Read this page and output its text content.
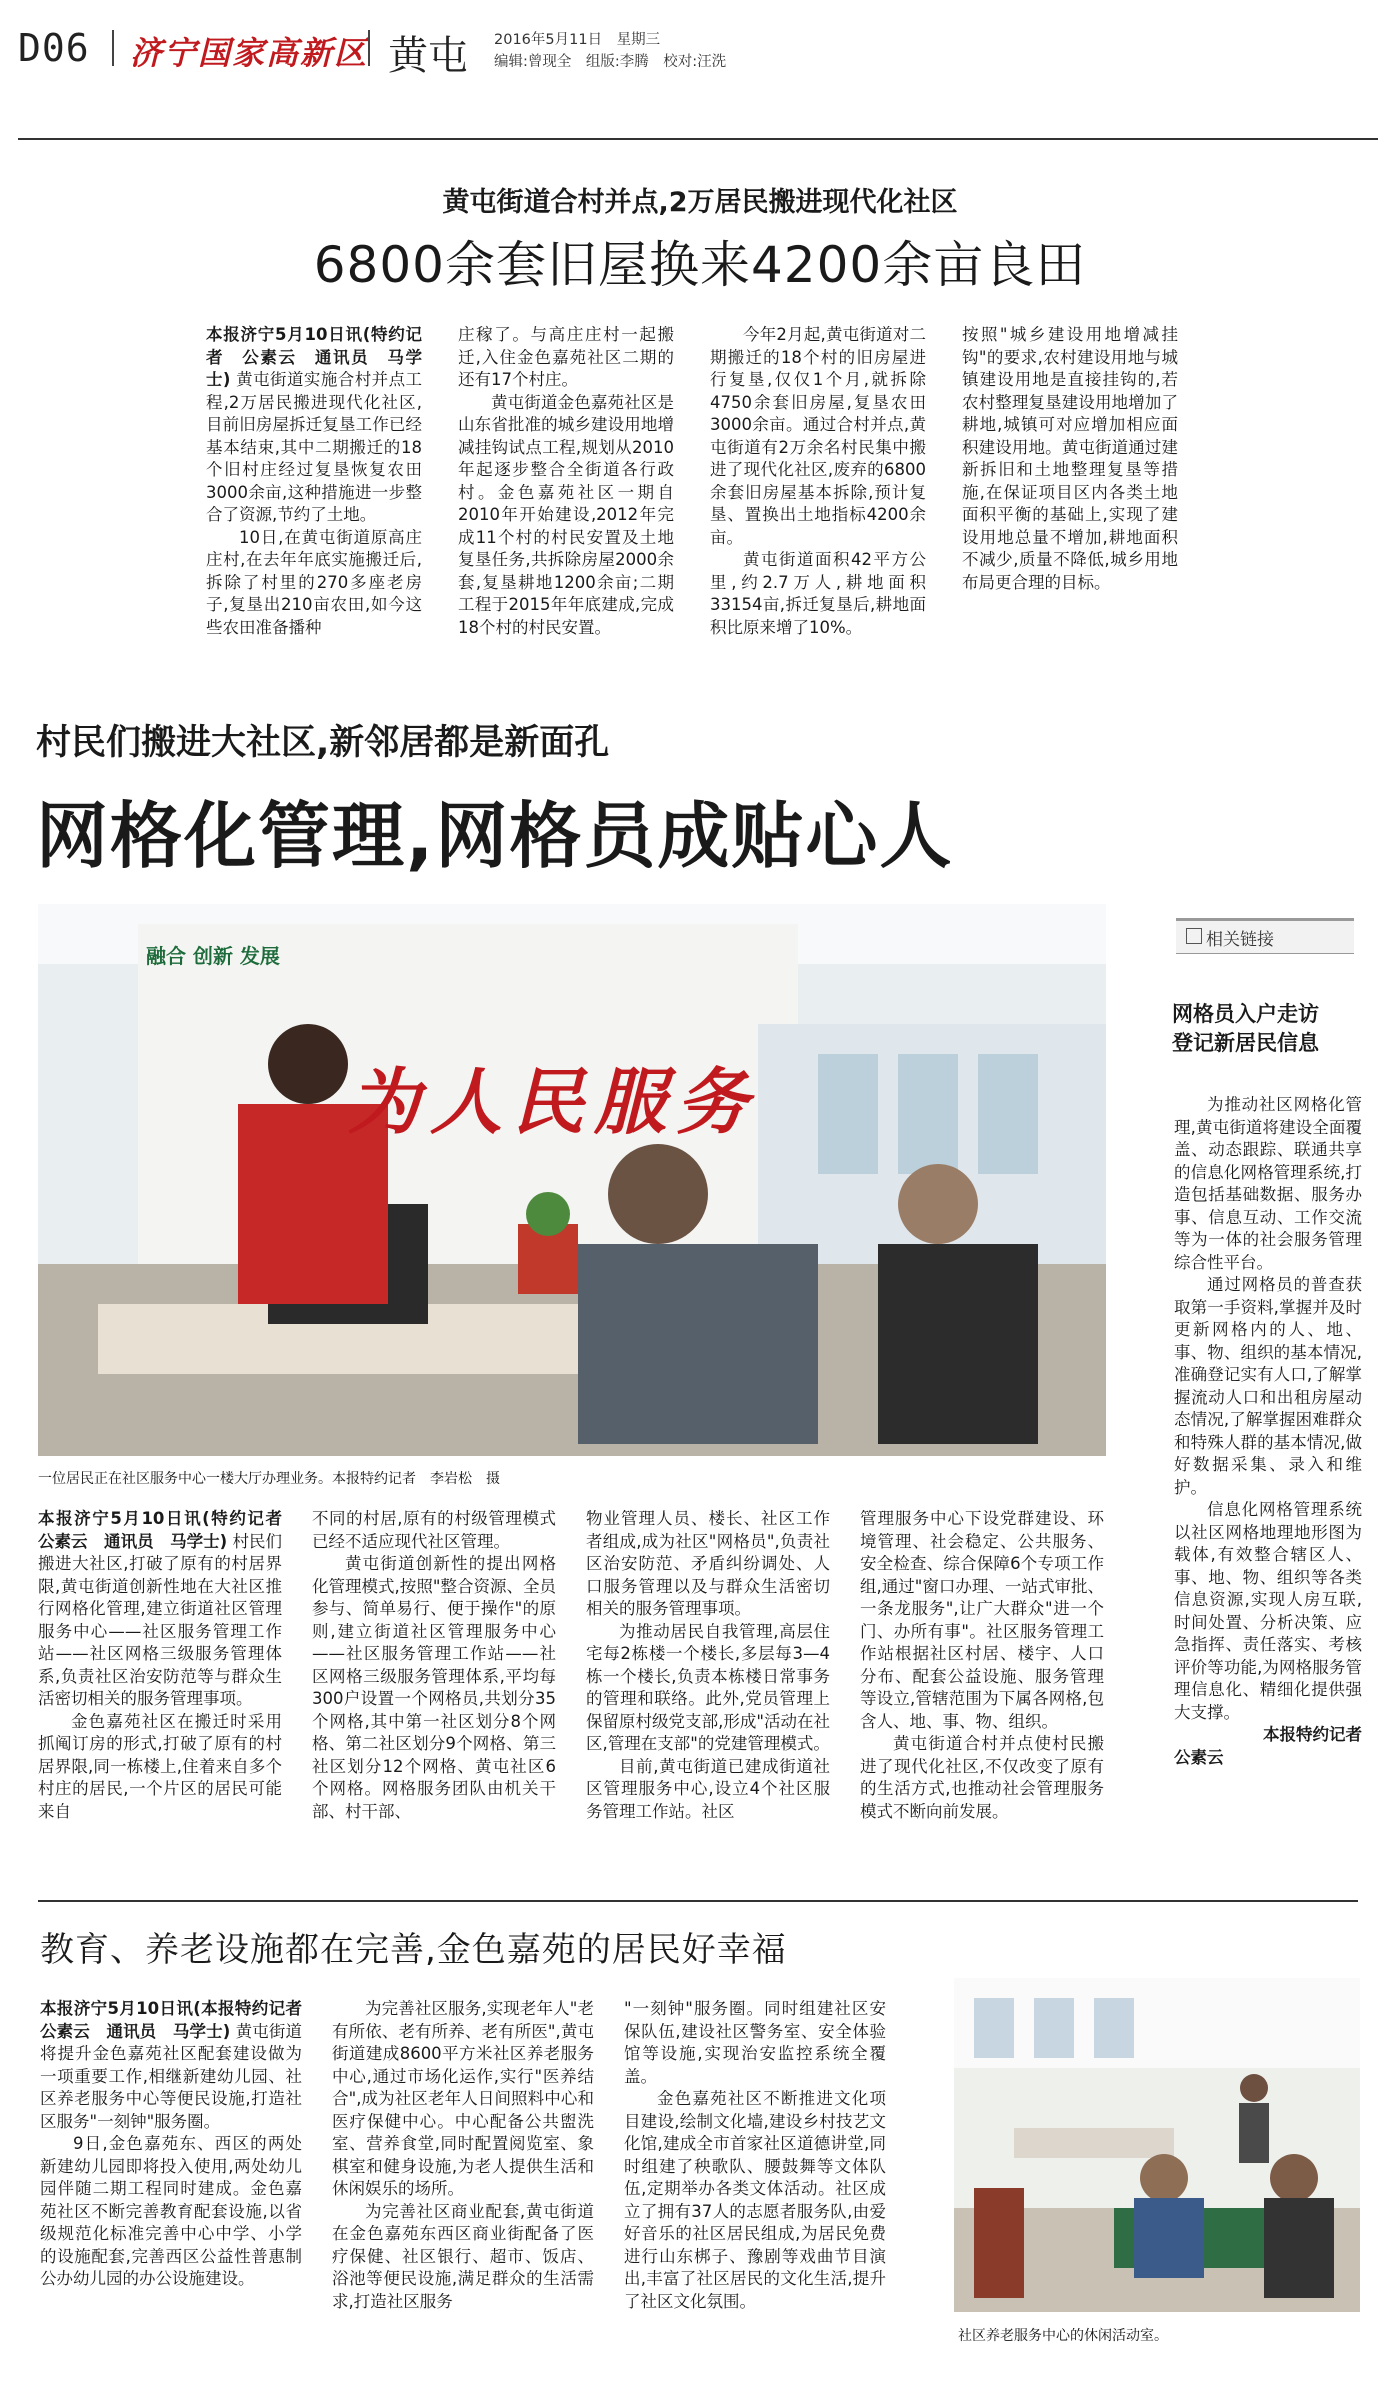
D06 济宁国家高新区 黄屯 2016年5月11日　星期三
编辑:曾现全　组版:李腾　校对:汪洗
黄屯街道合村并点,2万居民搬进现代化社区
6800余套旧屋换来4200余亩良田

本报济宁5月10日讯(特约记者　公素云　通讯员　马学士) 黄屯街道实施合村并点工程,2万居民搬进现代化社区,目前旧房屋拆迁复垦工作已经基本结束,其中二期搬迁的18个旧村庄经过复垦恢复农田3000余亩,这种措施进一步整合了资源,节约了土地。

10日,在黄屯街道原高庄庄村,在去年年底实施搬迁后,拆除了村里的270多座老房子,复垦出210亩农田,如今这些农田准备播种

庄稼了。与高庄庄村一起搬迁,入住金色嘉苑社区二期的还有17个村庄。

黄屯街道金色嘉苑社区是山东省批准的城乡建设用地增减挂钩试点工程,规划从2010年起逐步整合全街道各行政村。金色嘉苑社区一期自2010年开始建设,2012年完成11个村的村民安置及土地复垦任务,共拆除房屋2000余套,复垦耕地1200余亩;二期工程于2015年年底建成,完成18个村的村民安置。

今年2月起,黄屯街道对二期搬迁的18个村的旧房屋进行复垦,仅仅1个月,就拆除4750余套旧房屋,复垦农田3000余亩。通过合村并点,黄屯街道有2万余名村民集中搬进了现代化社区,废弃的6800余套旧房屋基本拆除,预计复垦、置换出土地指标4200余亩。

黄屯街道面积42平方公里,约2.7万人,耕地面积33154亩,拆迁复垦后,耕地面积比原来增了10%。

按照"城乡建设用地增减挂钩"的要求,农村建设用地与城镇建设用地是直接挂钩的,若农村整理复垦建设用地增加了耕地,城镇可对应增加相应面积建设用地。黄屯街道通过建新拆旧和土地整理复垦等措施,在保证项目区内各类土地面积平衡的基础上,实现了建设用地总量不增加,耕地面积不减少,质量不降低,城乡用地布局更合理的目标。

村民们搬进大社区,新邻居都是新面孔
网格化管理,网格员成贴心人
融合 创新 发展
为人民服务
一位居民正在社区服务中心一楼大厅办理业务。本报特约记者　李岩松　摄

本报济宁5月10日讯(特约记者　公素云　通讯员　马学士) 村民们搬进大社区,打破了原有的村居界限,黄屯街道创新性地在大社区推行网格化管理,建立街道社区管理服务中心——社区服务管理工作站——社区网格三级服务管理体系,负责社区治安防范等与群众生活密切相关的服务管理事项。

金色嘉苑社区在搬迁时采用抓阄订房的形式,打破了原有的村居界限,同一栋楼上,住着来自多个村庄的居民,一个片区的居民可能来自

不同的村居,原有的村级管理模式已经不适应现代社区管理。

黄屯街道创新性的提出网格化管理模式,按照"整合资源、全员参与、简单易行、便于操作"的原则,建立街道社区管理服务中心——社区服务管理工作站——社区网格三级服务管理体系,平均每300户设置一个网格员,共划分35个网格,其中第一社区划分8个网格、第二社区划分9个网格、第三社区划分12个网格、黄屯社区6个网格。网格服务团队由机关干部、村干部、

物业管理人员、楼长、社区工作者组成,成为社区"网格员",负责社区治安防范、矛盾纠纷调处、人口服务管理以及与群众生活密切相关的服务管理事项。

为推动居民自我管理,高层住宅每2栋楼一个楼长,多层每3—4栋一个楼长,负责本栋楼日常事务的管理和联络。此外,党员管理上保留原村级党支部,形成"活动在社区,管理在支部"的党建管理模式。

目前,黄屯街道已建成街道社区管理服务中心,设立4个社区服务管理工作站。社区

管理服务中心下设党群建设、环境管理、社会稳定、公共服务、安全检查、综合保障6个专项工作组,通过"窗口办理、一站式审批、一条龙服务",让广大群众"进一个门、办所有事"。社区服务管理工作站根据社区村居、楼宇、人口分布、配套公益设施、服务管理等设立,管辖范围为下属各网格,包含人、地、事、物、组织。

黄屯街道合村并点使村民搬进了现代化社区,不仅改变了原有的生活方式,也推动社会管理服务模式不断向前发展。

相关链接
网格员入户走访
登记新居民信息

为推动社区网格化管理,黄屯街道将建设全面覆盖、动态跟踪、联通共享的信息化网格管理系统,打造包括基础数据、服务办事、信息互动、工作交流等为一体的社会服务管理综合性平台。

通过网格员的普查获取第一手资料,掌握并及时更新网格内的人、地、事、物、组织的基本情况,准确登记实有人口,了解掌握流动人口和出租房屋动态情况,了解掌握困难群众和特殊人群的基本情况,做好数据采集、录入和维护。

信息化网格管理系统以社区网格地理地形图为载体,有效整合辖区人、事、地、物、组织等各类信息资源,实现人房互联,时间处置、分析决策、应急指挥、责任落实、考核评价等功能,为网格服务管理信息化、精细化提供强大支撑。

本报特约记者

公素云

教育、养老设施都在完善,金色嘉苑的居民好幸福

本报济宁5月10日讯(本报特约记者　公素云　通讯员　马学士) 黄屯街道将提升金色嘉苑社区配套建设做为一项重要工作,相继新建幼儿园、社区养老服务中心等便民设施,打造社区服务"一刻钟"服务圈。

9日,金色嘉苑东、西区的两处新建幼儿园即将投入使用,两处幼儿园伴随二期工程同时建成。金色嘉苑社区不断完善教育配套设施,以省级规范化标准完善中心中学、小学的设施配套,完善西区公益性普惠制公办幼儿园的办公设施建设。

为完善社区服务,实现老年人"老有所依、老有所养、老有所医",黄屯街道建成8600平方米社区养老服务中心,通过市场化运作,实行"医养结合",成为社区老年人日间照料中心和医疗保健中心。中心配备公共盥洗室、营养食堂,同时配置阅览室、象棋室和健身设施,为老人提供生活和休闲娱乐的场所。

为完善社区商业配套,黄屯街道在金色嘉苑东西区商业街配备了医疗保健、社区银行、超市、饭店、浴池等便民设施,满足群众的生活需求,打造社区服务

"一刻钟"服务圈。同时组建社区安保队伍,建设社区警务室、安全体验馆等设施,实现治安监控系统全覆盖。

金色嘉苑社区不断推进文化项目建设,绘制文化墙,建设乡村技艺文化馆,建成全市首家社区道德讲堂,同时组建了秧歌队、腰鼓舞等文体队伍,定期举办各类文体活动。社区成立了拥有37人的志愿者服务队,由爱好音乐的社区居民组成,为居民免费进行山东梆子、豫剧等戏曲节目演出,丰富了社区居民的文化生活,提升了社区文化氛围。

社区养老服务中心的休闲活动室。
